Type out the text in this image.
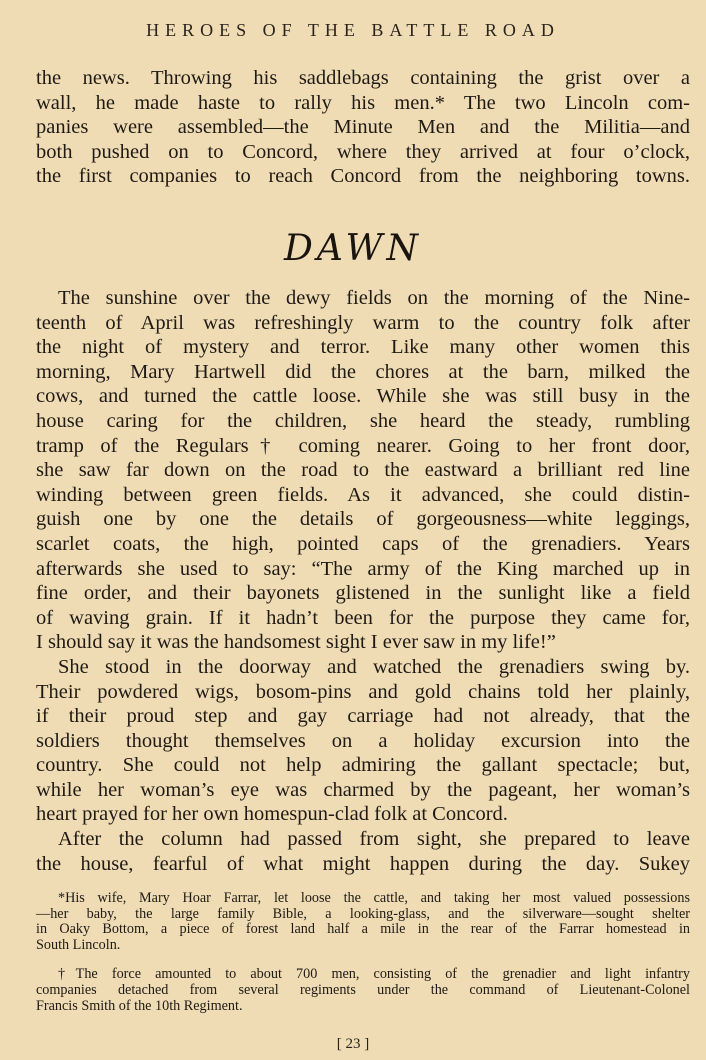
HEROES OF THE BATTLE ROAD
the news. Throwing his saddlebags containing the grist over a
wall, he made haste to rally his men.* The two Lincoln com-
panies were assembled—the Minute Men and the Militia—and
both pushed on to Concord, where they arrived at four o’clock,
the first companies to reach Concord from the neighboring towns.
DAWN
The sunshine over the dewy fields on the morning of the Nine-
teenth of April was refreshingly warm to the country folk after
the night of mystery and terror. Like many other women this
morning, Mary Hartwell did the chores at the barn, milked the
cows, and turned the cattle loose. While she was still busy in the
house caring for the children, she heard the steady, rumbling
tramp of the Regulars† coming nearer. Going to her front door,
she saw far down on the road to the eastward a brilliant red line
winding between green fields. As it advanced, she could distin-
guish one by one the details of gorgeousness—white leggings,
scarlet coats, the high, pointed caps of the grenadiers. Years
afterwards she used to say: “The army of the King marched up in
fine order, and their bayonets glistened in the sunlight like a field
of waving grain. If it hadn’t been for the purpose they came for,
I should say it was the handsomest sight I ever saw in my life!”
She stood in the doorway and watched the grenadiers swing by.
Their powdered wigs, bosom-pins and gold chains told her plainly,
if their proud step and gay carriage had not already, that the
soldiers thought themselves on a holiday excursion into the
country. She could not help admiring the gallant spectacle; but,
while her woman’s eye was charmed by the pageant, her woman’s
heart prayed for her own homespun-clad folk at Concord.
After the column had passed from sight, she prepared to leave
the house, fearful of what might happen during the day. Sukey
*His wife, Mary Hoar Farrar, let loose the cattle, and taking her most valued possessions
—her baby, the large family Bible, a looking-glass, and the silverware—sought shelter
in Oaky Bottom, a piece of forest land half a mile in the rear of the Farrar homestead in
South Lincoln.
†The force amounted to about 700 men, consisting of the grenadier and light infantry
companies detached from several regiments under the command of Lieutenant-Colonel
Francis Smith of the 10th Regiment.
[ 23 ]
